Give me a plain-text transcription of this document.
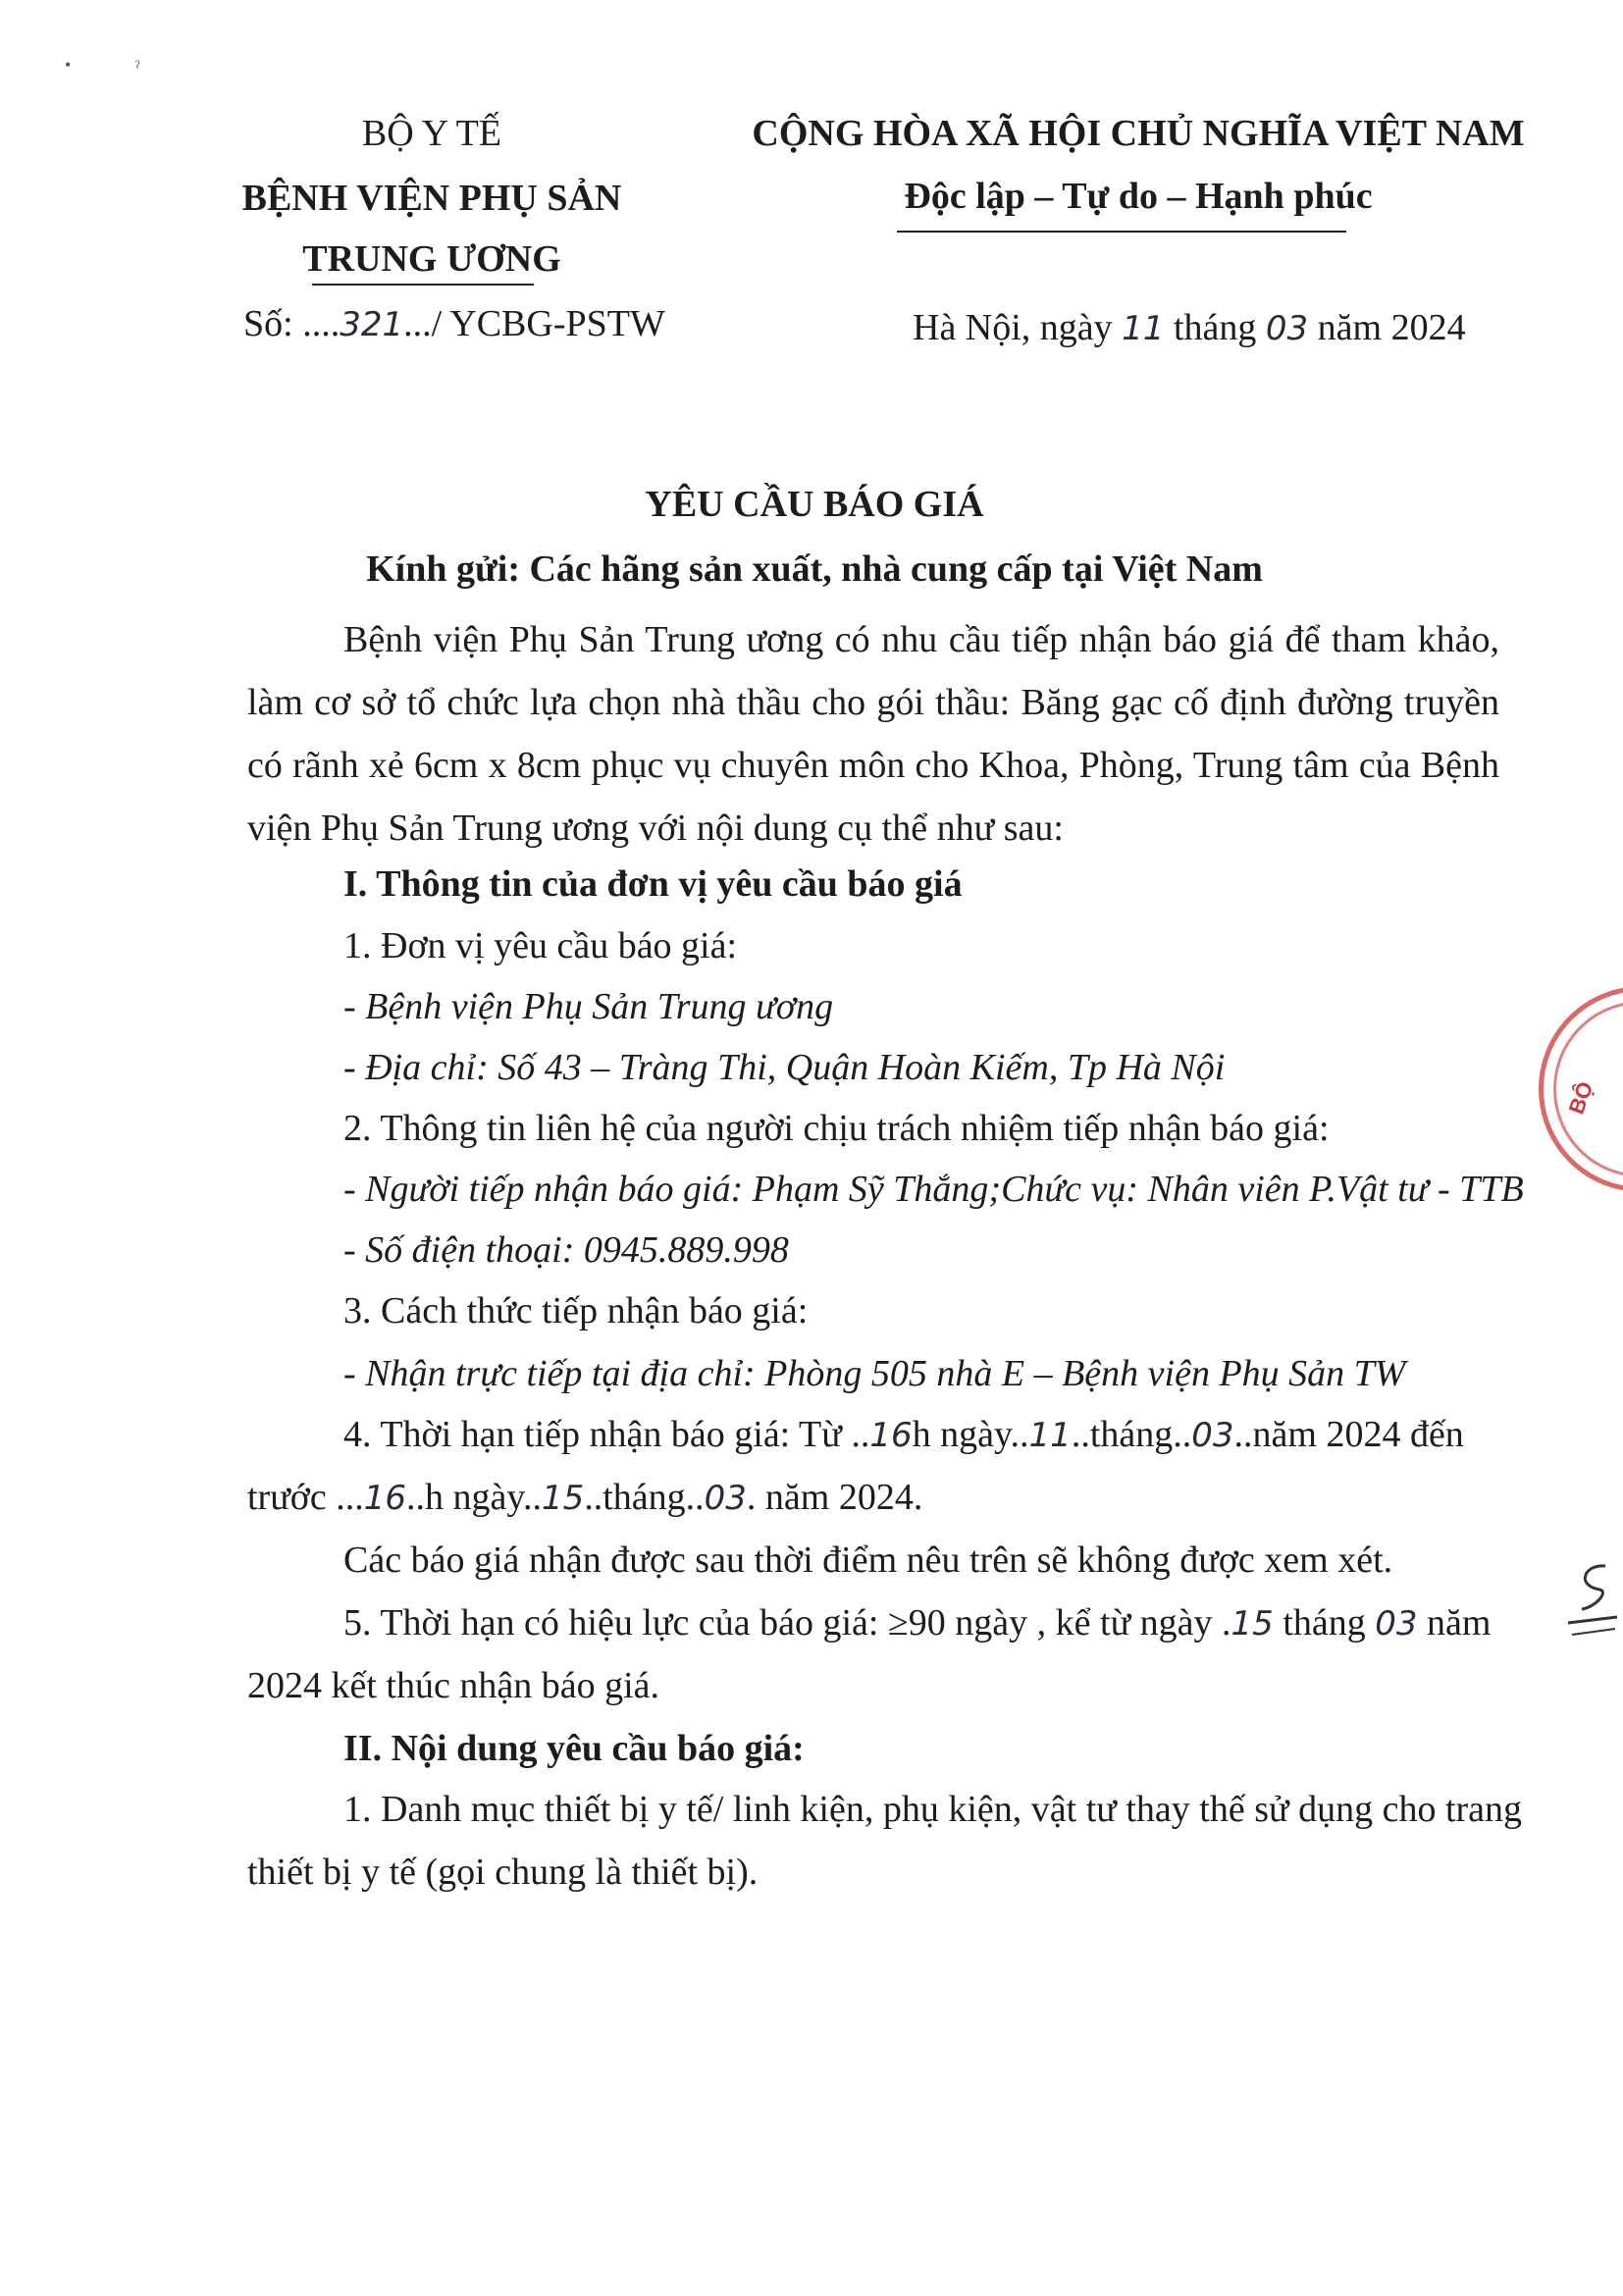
•	ˀ
BỘ Y TẾ
BỆNH VIỆN PHỤ SẢN
TRUNG ƯƠNG
Số: ....321.../ YCBG-PSTW
CỘNG HÒA XÃ HỘI CHỦ NGHĨA VIỆT NAM
Độc lập – Tự do – Hạnh phúc
Hà Nội, ngày 11 tháng 03 năm 2024
YÊU CẦU BÁO GIÁ
Kính gửi: Các hãng sản xuất, nhà cung cấp tại Việt Nam
Bệnh viện Phụ Sản Trung ương có nhu cầu tiếp nhận báo giá để tham khảo, làm cơ sở tổ chức lựa chọn nhà thầu cho gói thầu: Băng gạc cố định đường truyền có rãnh xẻ 6cm x 8cm phục vụ chuyên môn cho Khoa, Phòng, Trung tâm của Bệnh viện Phụ Sản Trung ương với nội dung cụ thể như sau:
I. Thông tin của đơn vị yêu cầu báo giá
1. Đơn vị yêu cầu báo giá:
- Bệnh viện Phụ Sản Trung ương
- Địa chỉ: Số 43 – Tràng Thi, Quận Hoàn Kiếm, Tp Hà Nội
2. Thông tin liên hệ của người chịu trách nhiệm tiếp nhận báo giá:
- Người tiếp nhận báo giá: Phạm Sỹ Thắng;Chức vụ: Nhân viên P.Vật tư - TTB
- Số điện thoại: 0945.889.998
3. Cách thức tiếp nhận báo giá:
- Nhận trực tiếp tại địa chỉ: Phòng 505 nhà E – Bệnh viện Phụ Sản TW
4. Thời hạn tiếp nhận báo giá: Từ ..16h ngày..11..tháng..03..năm 2024 đến
trước ...16..h ngày..15..tháng..03. năm 2024.
Các báo giá nhận được sau thời điểm nêu trên sẽ không được xem xét.
5. Thời hạn có hiệu lực của báo giá: ≥90 ngày , kể từ ngày .15 tháng 03 năm
2024 kết thúc nhận báo giá.
II. Nội dung yêu cầu báo giá:
1. Danh mục thiết bị y tế/ linh kiện, phụ kiện, vật tư thay thế sử dụng cho trang
thiết bị y tế (gọi chung là thiết bị).
BỘ
